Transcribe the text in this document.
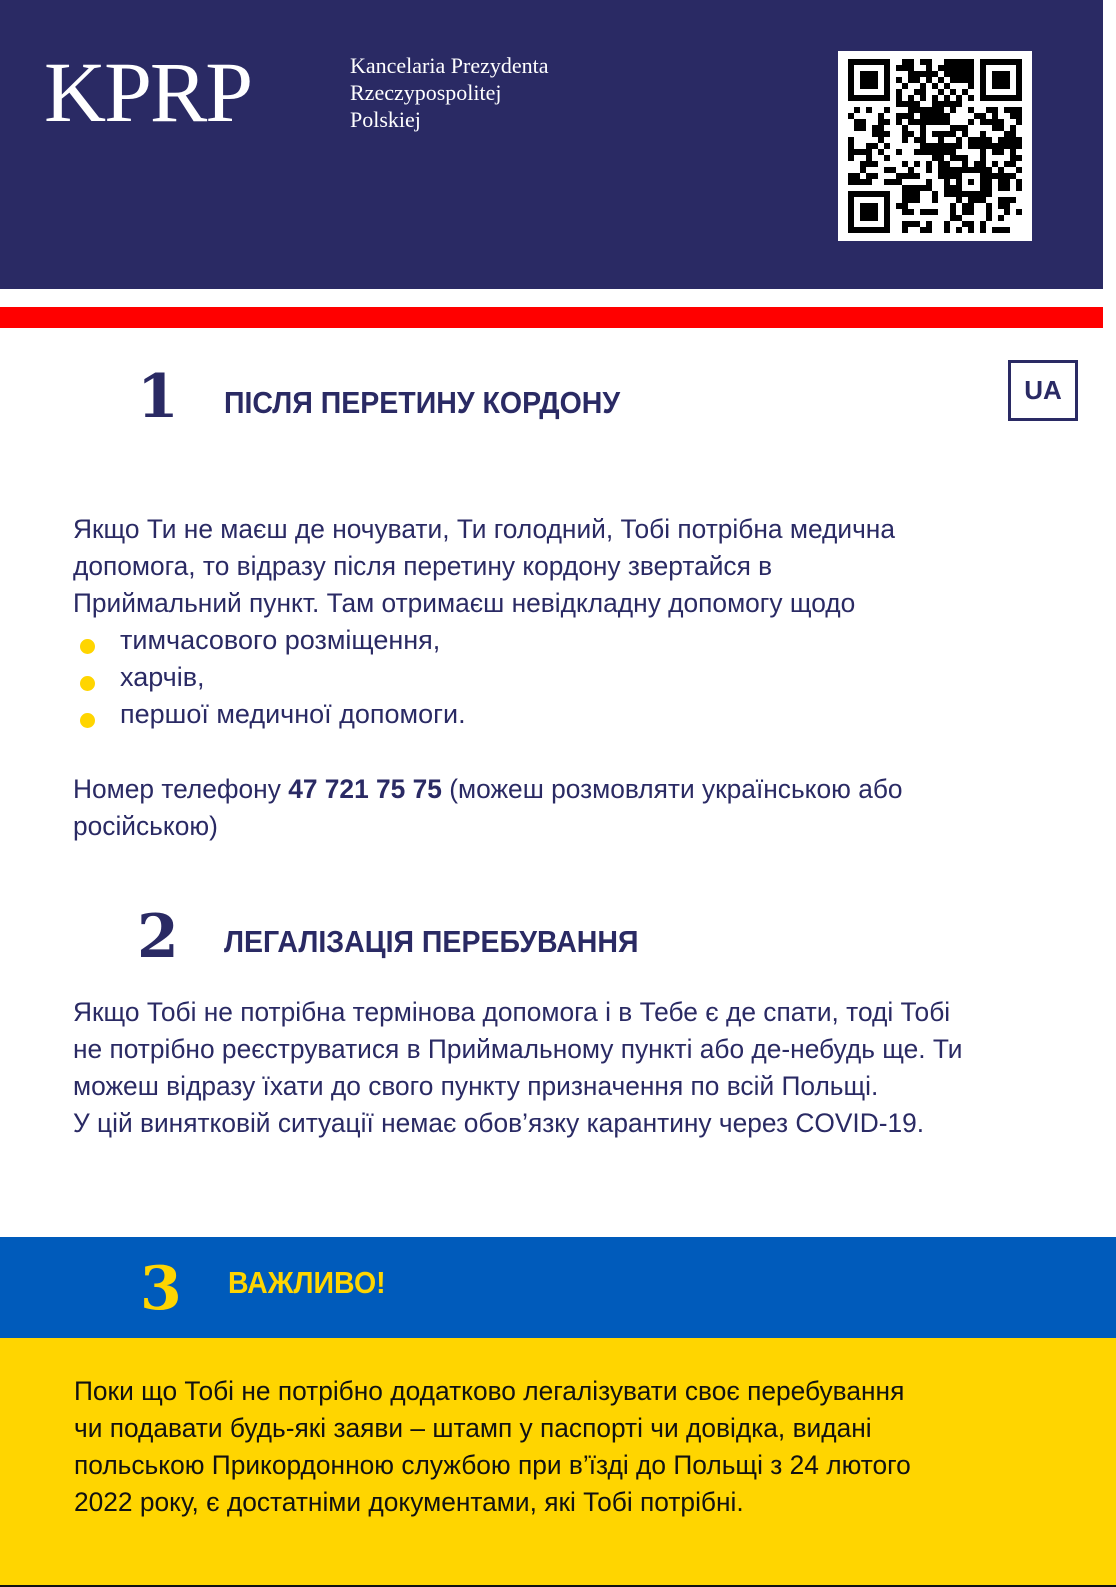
KPRP	Kancelaria Prezydenta
Rzeczypospolitej
Polskiej
UA
1 ПІСЛЯ ПЕРЕТИНУ КОРДОНУ
Якщо Ти не маєш де ночувати, Ти голодний, Тобі потрібна медична
допомога, то відразу після перетину кордону звертайся в
Приймальний пункт. Там отримаєш невідкладну допомогу щодо
тимчасового розміщення,
харчів,
першої медичної допомоги.
Номер телефону 47 721 75 75 (можеш розмовляти українською або
російською)
2 ЛЕГАЛІЗАЦІЯ ПЕРЕБУВАННЯ
Якщо Тобі не потрібна термінова допомога і в Тебе є де спати, тоді Тобі
не потрібно реєструватися в Приймальному пункті або де-небудь ще. Ти
можеш відразу їхати до свого пункту призначення по всій Польщі.
У цій винятковій ситуації немає обов’язку карантину через COVID-19.
3 ВАЖЛИВО!
Поки що Тобі не потрібно додатково легалізувати своє перебування
чи подавати будь-які заяви – штамп у паспорті чи довідка, видані
польською Прикордонною службою при в’їзді до Польщі з 24 лютого
2022 року, є достатніми документами, які Тобі потрібні.
